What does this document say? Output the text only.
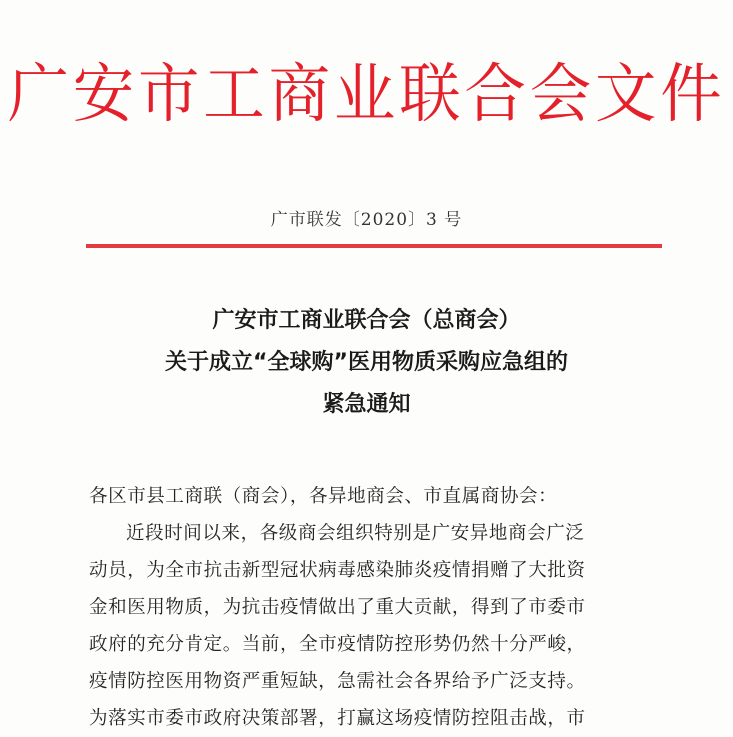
广安市工商业联合会文件
广市联发〔2020〕3 号
广安市工商业联合会（总商会）
关于成立“全球购”医用物质采购应急组的
紧急通知
各区市县工商联（商会），各异地商会、市直属商协会：
近段时间以来，各级商会组织特别是广安异地商会广泛
动员，为全市抗击新型冠状病毒感染肺炎疫情捐赠了大批资
金和医用物质，为抗击疫情做出了重大贡献，得到了市委市
政府的充分肯定。当前，全市疫情防控形势仍然十分严峻，
疫情防控医用物资严重短缺，急需社会各界给予广泛支持。
为落实市委市政府决策部署，打赢这场疫情防控阻击战，市
